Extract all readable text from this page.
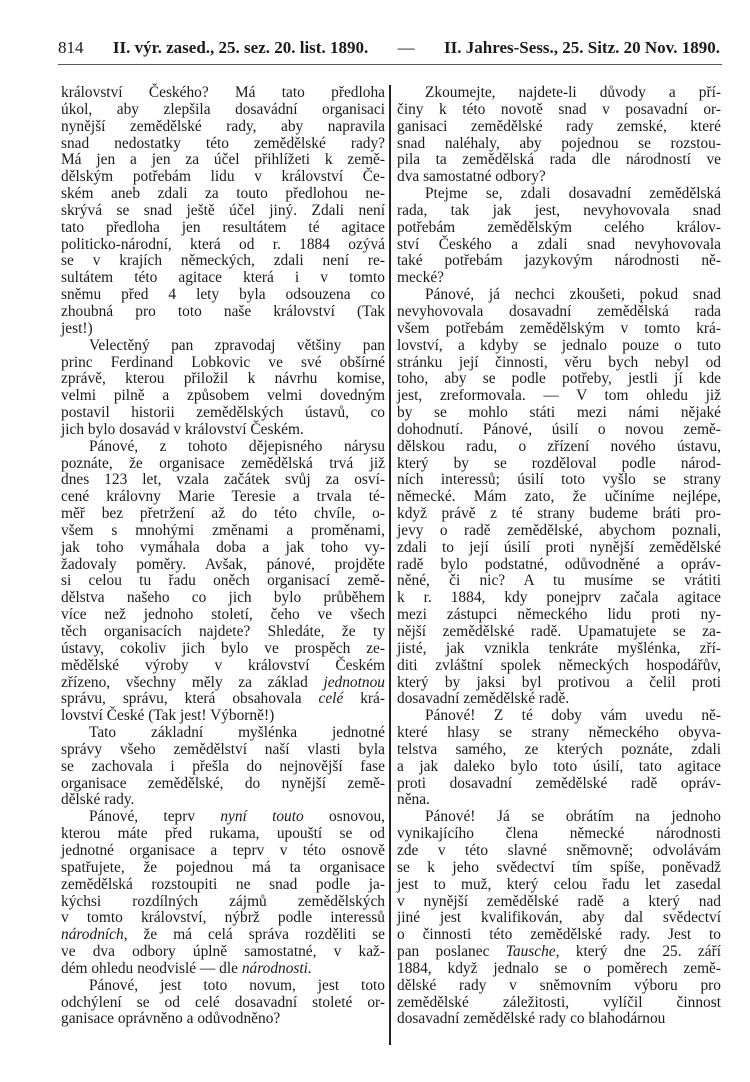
814 II. výr. zased., 25. sez. 20. list. 1890. — II. Jahres-Sess., 25. Sitz. 20 Nov. 1890.
království Českého? Má tato předloha
úkol, aby zlepšila dosavádní organisaci
nynější zemědělské rady, aby napravila
snad nedostatky této zemědělské rady?
Má jen a jen za účel přihlížeti k země-
dělským potřebám lidu v království Če-
ském aneb zdali za touto předlohou ne-
skrývá se snad ještě účel jiný. Zdali není
tato předloha jen resultátem té agitace
politicko-národní, která od r. 1884 ozývá
se v krajích německých, zdali není re-
sultátem této agitace která i v tomto
sněmu před 4 lety byla odsouzena co
zhoubná pro toto naše království (Tak
jest!)
Velectěný pan zpravodaj většiny pan
princ Ferdinand Lobkovic ve své obšírné
zprávě, kterou přiložil k návrhu komise,
velmi pilně a způsobem velmi dovedným
postavil historii zemědělských ústavů, co
jich bylo dosavád v království Českém.
Pánové, z tohoto dějepisného nárysu
poznáte, že organisace zemědělská trvá již
dnes 123 let, vzala začátek svůj za osví-
cené královny Marie Teresie a trvala té-
měř bez přetržení až do této chvíle, o-
všem s mnohými změnami a proměnami,
jak toho vymáhala doba a jak toho vy-
žadovaly poměry. Avšak, pánové, projděte
si celou tu řadu oněch organisací země-
dělstva našeho co jich bylo průběhem
více než jednoho století, čeho ve všech
těch organisacích najdete? Shledáte, že ty
ústavy, cokoliv jich bylo ve prospěch ze-
mědělské výroby v království Českém
zřízeno, všechny měly za základ jednotnou
správu, správu, která obsahovala celé krá-
lovství České (Tak jest! Výborně!)
Tato základní myšlénka jednotné
správy všeho zemědělství naší vlasti byla
se zachovala i přešla do nejnovější fase
organisace zemědělské, do nynější země-
dělské rady.
Pánové, teprv nyní touto osnovou,
kterou máte před rukama, upouští se od
jednotné organisace a teprv v této osnově
spatřujete, že pojednou má ta organisace
zemědělská rozstoupiti ne snad podle ja-
kýchsi rozdílných zájmů zemědělských
v tomto království, nýbrž podle interessů
národních, že má celá správa rozděliti se
ve dva odbory úplně samostatné, v kaž-
dém ohledu neodvislé — dle národnosti.
Pánové, jest toto novum, jest toto
odchýlení se od celé dosavadní stoleté or-
ganisace oprávněno a odůvodněno?
Zkoumejte, najdete-li důvody a pří-
činy k této novotě snad v posavadní or-
ganisaci zemědělské rady zemské, které
snad naléhaly, aby pojednou se rozstou-
pila ta zemědělská rada dle národností ve
dva samostatné odbory?
Ptejme se, zdali dosavadní zemědělská
rada, tak jak jest, nevyhovovala snad
potřebám zemědělským celého králov-
ství Českého a zdali snad nevyhovovala
také potřebám jazykovým národnosti ně-
mecké?
Pánové, já nechci zkoušeti, pokud snad
nevyhovovala dosavadní zemědělská rada
všem potřebám zemědělským v tomto krá-
lovství, a kdyby se jednalo pouze o tuto
stránku její činnosti, věru bych nebyl od
toho, aby se podle potřeby, jestli jí kde
jest, zreformovala. — V tom ohledu již
by se mohlo státi mezi námi nějaké
dohodnutí. Pánové, úsilí o novou země-
dělskou radu, o zřízení nového ústavu,
který by se rozděloval podle národ-
ních interessů; úsilí toto vyšlo se strany
německé. Mám zato, že učiníme nejlépe,
když právě z té strany budeme bráti pro-
jevy o radě zemědělské, abychom poznali,
zdali to její úsilí proti nynější zemědělské
radě bylo podstatné, odůvodněné a opráv-
něné, či nic? A tu musíme se vrátiti
k r. 1884, kdy ponejprv začala agitace
mezi zástupci německého lidu proti ny-
nější zemědělské radě. Upamatujete se za-
jisté, jak vznikla tenkráte myšlénka, zří-
diti zvláštní spolek německých hospodářův,
který by jaksi byl protivou a čelil proti
dosavadní zemědělské radě.
Pánové! Z té doby vám uvedu ně-
které hlasy se strany německého obyva-
telstva samého, ze kterých poznáte, zdali
a jak daleko bylo toto úsilí, tato agitace
proti dosavadní zemědělské radě opráv-
něna.
Pánové! Já se obrátím na jednoho
vynikajícího člena německé národnosti
zde v této slavné sněmovně; odvolávám
se k jeho svědectví tím spíše, poněvadž
jest to muž, který celou řadu let zasedal
v nynější zemědělské radě a který nad
jiné jest kvalifikován, aby dal svědectví
o činnosti této zemědělské rady. Jest to
pan poslanec Tausche, který dne 25. září
1884, když jednalo se o poměrech země-
dělské rady v sněmovním výboru pro
zemědělské záležitosti, vylíčil činnost
dosavadní zemědělské rady co blahodárnou
